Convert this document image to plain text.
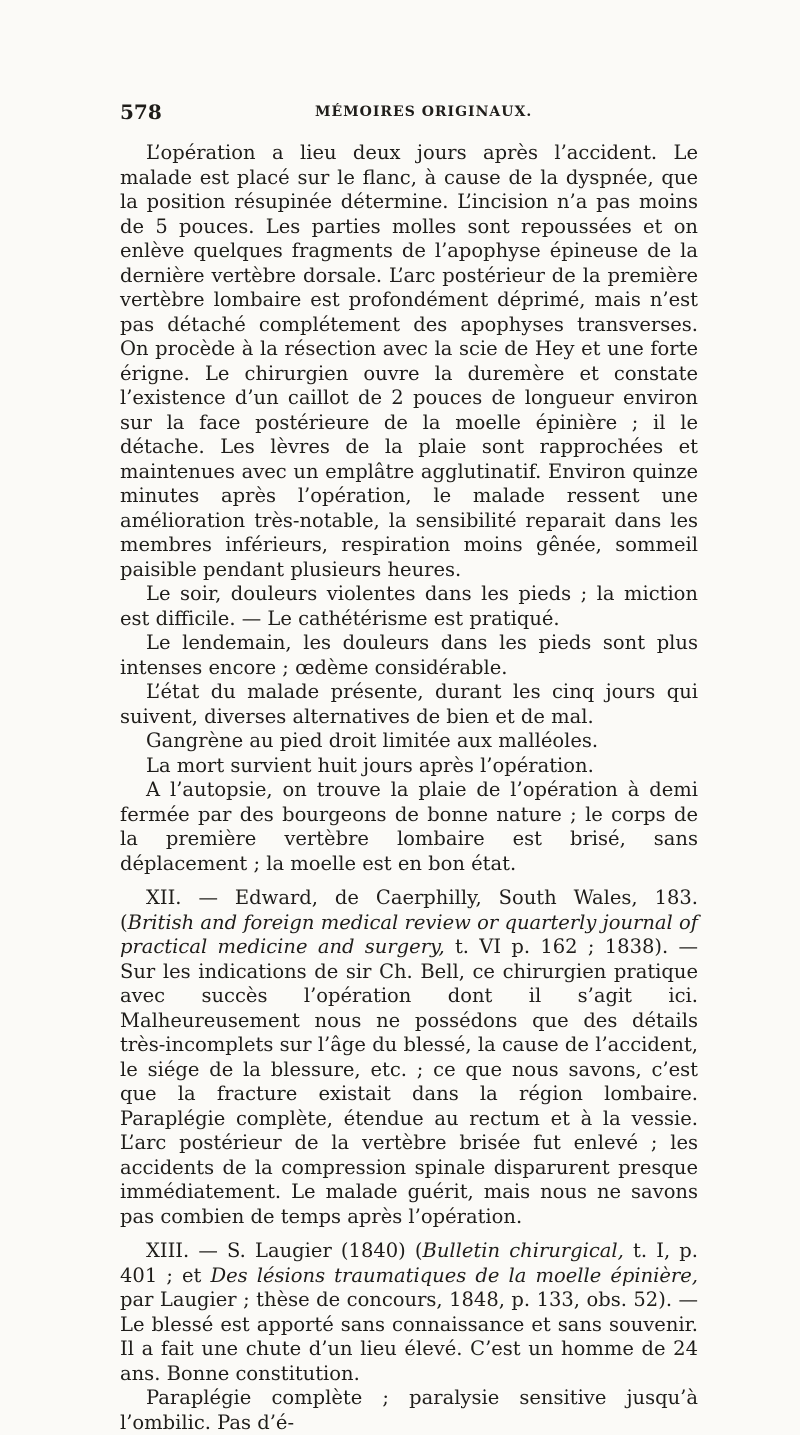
578	MÉMOIRES ORIGINAUX.

L’opération a lieu deux jours après l’accident. Le malade est placé sur le flanc, à cause de la dyspnée, que la position résupinée détermine. L’incision n’a pas moins de 5 pouces. Les parties molles sont repoussées et on enlève quelques fragments de l’apophyse épineuse de la dernière vertèbre dorsale. L’arc postérieur de la première vertèbre lombaire est profondément déprimé, mais n’est pas détaché complétement des apophyses transverses. On procède à la résection avec la scie de Hey et une forte érigne. Le chirurgien ouvre la duremère et constate l’existence d’un caillot de 2 pouces de longueur environ sur la face postérieure de la moelle épinière ; il le détache. Les lèvres de la plaie sont rapprochées et maintenues avec un emplâtre agglutinatif. Environ quinze minutes après l’opération, le malade ressent une amélioration très-notable, la sensibilité reparait dans les membres inférieurs, respiration moins gênée, sommeil paisible pendant plusieurs heures.

Le soir, douleurs violentes dans les pieds ; la miction est difficile. — Le cathétérisme est pratiqué.

Le lendemain, les douleurs dans les pieds sont plus intenses encore ; œdème considérable.

L’état du malade présente, durant les cinq jours qui suivent, diverses alternatives de bien et de mal.

Gangrène au pied droit limitée aux malléoles.

La mort survient huit jours après l’opération.

A l’autopsie, on trouve la plaie de l’opération à demi fermée par des bourgeons de bonne nature ; le corps de la première vertèbre lombaire est brisé, sans déplacement ; la moelle est en bon état.

XII. — Edward, de Caerphilly, South Wales, 183. (British and foreign medical review or quarterly journal of practical medicine and surgery, t. VI p. 162 ; 1838). — Sur les indications de sir Ch. Bell, ce chirurgien pratique avec succès l’opération dont il s’agit ici. Malheureusement nous ne possédons que des détails très-incomplets sur l’âge du blessé, la cause de l’accident, le siége de la blessure, etc. ; ce que nous savons, c’est que la fracture existait dans la région lombaire. Paraplégie complète, étendue au rectum et à la vessie. L’arc postérieur de la vertèbre brisée fut enlevé ; les accidents de la compression spinale disparurent presque immédiatement. Le malade guérit, mais nous ne savons pas combien de temps après l’opération.

XIII. — S. Laugier (1840) (Bulletin chirurgical, t. I, p. 401 ; et Des lésions traumatiques de la moelle épinière, par Laugier ; thèse de concours, 1848, p. 133, obs. 52). — Le blessé est apporté sans connaissance et sans souvenir. Il a fait une chute d’un lieu élevé. C’est un homme de 24 ans. Bonne constitution.

Paraplégie complète ; paralysie sensitive jusqu’à l’ombilic. Pas d’é-
